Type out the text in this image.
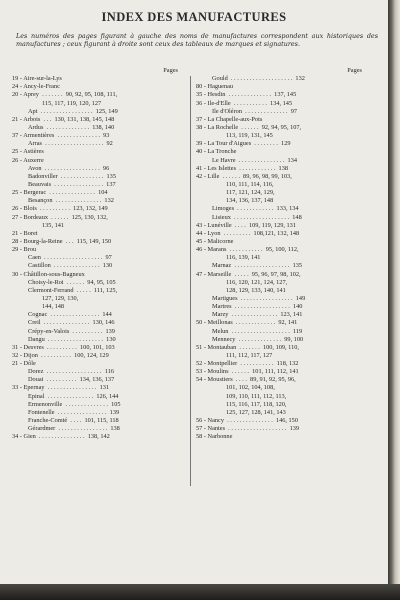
INDEX DES MANUFACTURES
Les numéros des pages figurant à gauche des noms de manufactures correspondent aux historiques des manufactures ; ceux figurant à droite sont ceux des tableaux de marques et signatures.
Pages
19 - Aire-sur-la-Lys
24 - Ancy-le-Franc
20 - Aprey  . . . . . . .  90, 92, 95, 108, 111,
115, 117, 119, 120, 127
Apt  . . . . . . . . . . . . . . . . .  125, 149
21 - Arbois  . . .  130, 131, 138, 145, 148
Ardus  . . . . . . . . . . . . . .  138, 140
37 - Armentières  . . . . . . . . . . . . . .  93
Arras  . . . . . . . . . . . . . . . . . . .  92
25 - Astières
26 - Auxerre
Avon  . . . . . . . . . . . . . . . . . .  96
Badonviller  . . . . . . . . . . . . . .  135
Beauvais  . . . . . . . . . . . . . . . .  137
25 - Bergerac  . . . . . . . . . . . . . . .  104
Besançon  . . . . . . . . . . . . . . .  132
26 - Blois  . . . . . . . . . .  123, 132, 149
27 - Bordeaux  . . . . . .  125, 130, 132,
135, 141
21 - Boret
28 - Bourg-la-Reine  . . .  115, 149, 150
29 - Brou
Caen  . . . . . . . . . . . . . . . . . . .  97
Castillon  . . . . . . . . . . . . . . .  130
30 - Châtillon-sous-Bagneux
Choisy-le-Roi  . . . . . .  94, 95, 105
Clermont-Ferrand  . . . . .  111, 125,
127, 129, 130,
144, 148
Cognac  . . . . . . . . . . . . . . . .  144
Creil  . . . . . . . . . . . . . . .  130, 146
Crépy-en-Valois  . . . . . . . . . .  139
Dangu  . . . . . . . . . . . . . . . . . .  130
31 - Desvres  . . . . . . . . . .  100, 101, 103
32 - Dijon  . . . . . . . . . .  100, 124, 129
21 - Dôle
Dorez  . . . . . . . . . . . . . . . . . .  116
Douai  . . . . . . . . . .  134, 136, 137
33 - Epernay  . . . . . . . . . . . . . . . .  131
Epinal  . . . . . . . . . . . . . . .  126, 144
Ermenonville  . . . . . . . . . . . . . .  105
Fontenelle  . . . . . . . . . . . . . . . .  139
Franche-Comté  . . . .  101, 115, 118
Gérardmer  . . . . . . . . . . . . . . . .  138
34 - Gien  . . . . . . . . . . . . . . .  138, 142
Pages
Gould  . . . . . . . . . . . . . . . . . . . .  132
80 - Haguenau
35 - Hesdin  . . . . . . . . . . . . . .  137, 145
36 - Ile-d'Elle  . . . . . . . . . . .  134, 145
Ile d'Oléron  . . . . . . . . . . . . . .  97
37 - La Chapelle-aux-Pots
38 - La Rochelle  . . . . . .  92, 94, 95, 107,
113, 119, 131, 145
39 - La Tour d'Aigues  . . . . . . . .  129
40 - La Tronche
Le Havre  . . . . . . . . . . . . . . .  134
41 - Les Islettes  . . . . . . . . . . . .  138
42 - Lille  . . . . . .  89, 96, 98, 99, 103,
110, 111, 114, 116,
117, 121, 124, 129,
134, 136, 137, 148
Limoges  . . . . . . . . . . . .  133, 134
Lisieux  . . . . . . . . . . . . . . . . . .  148
43 - Lunéville  . . . .  109, 119, 129, 131
44 - Lyon  . . . . . . . . .  108,121, 132, 148
45 - Malicorne
46 - Marans  . . . . . . . . . . .  95, 100, 112,
116, 139, 141
Marnaz  . . . . . . . . . . . . . . . . . .  135
47 - Marseille  . . . . .  95, 96, 97, 98, 102,
116, 120, 121, 124, 127,
128, 129, 133, 140, 141
Martigues  . . . . . . . . . . . . . . . . .  149
Martres  . . . . . . . . . . . . . . . . . .  140
Marzy  . . . . . . . . . . . . . . .  123, 141
50 - Meillonas  . . . . . . . . . . . . .  92, 141
Melun  . . . . . . . . . . . . . . . . . . .  119
Mennecy  . . . . . . . . . . . . . .  99, 100
51 - Montauban  . . . . . . .  100, 109, 110,
111, 112, 117, 127
52 - Montpellier  . . . . . . . . . . .  118, 132
53 - Moulins  . . . . . .  101, 111, 112, 141
54 - Moustiers  . . . .  89, 91, 92, 95, 96,
101, 102, 104, 108,
109, 110, 111, 112, 113,
115, 116, 117, 118, 120,
125, 127, 128, 141, 143
56 - Nancy  . . . . . . . . . . . . . . .  146, 150
57 - Nantes  . . . . . . . . . . . . . . . . . . .  139
58 - Narbonne
